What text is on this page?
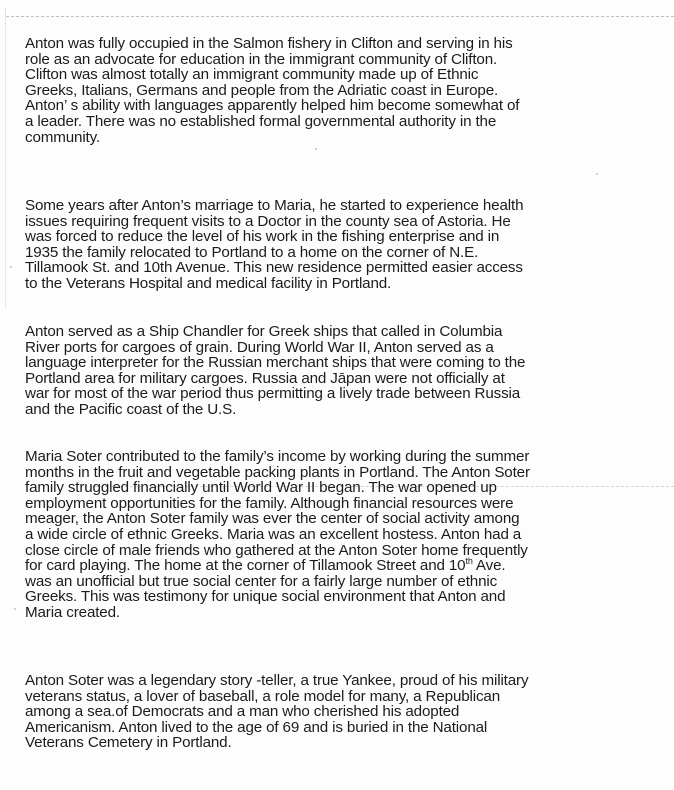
Anton was fully occupied in the Salmon fishery in Clifton and serving in his
role as an advocate for education in the immigrant community of Clifton.
Clifton was almost totally an immigrant community made up of Ethnic
Greeks, Italians, Germans and people from the Adriatic coast in Europe.
Anton’ s ability with languages apparently helped him become somewhat of
a leader. There was no established formal governmental authority in the
community.

Some years after Anton’s marriage to Maria, he started to experience health
issues requiring frequent visits to a Doctor in the county sea of Astoria. He
was forced to reduce the level of his work in the fishing enterprise and in
1935 the family relocated to Portland to a home on the corner of N.E.
Tillamook St. and 10th Avenue. This new residence permitted easier access
to the Veterans Hospital and medical facility in Portland.

Anton served as a Ship Chandler for Greek ships that called in Columbia
River ports for cargoes of grain. During World War II, Anton served as a
language interpreter for the Russian merchant ships that were coming to the
Portland area for military cargoes. Russia and Jāpan were not officially at
war for most of the war period thus permitting a lively trade between Russia
and the Pacific coast of the U.S.

Maria Soter contributed to the family’s income by working during the summer
months in the fruit and vegetable packing plants in Portland. The Anton Soter
family struggled financially until World War II began. The war opened up
employment opportunities for the family. Although financial resources were
meager, the Anton Soter family was ever the center of social activity among
a wide circle of ethnic Greeks. Maria was an excellent hostess. Anton had a
close circle of male friends who gathered at the Anton Soter home frequently
for card playing. The home at the corner of Tillamook Street and 10th Ave.
was an unofficial but true social center for a fairly large number of ethnic
Greeks. This was testimony for unique social environment that Anton and
Maria created.

Anton Soter was a legendary story -teller, a true Yankee, proud of his military
veterans status, a lover of baseball, a role model for many, a Republican
among a sea.of Democrats and a man who cherished his adopted
Americanism. Anton lived to the age of 69 and is buried in the National
Veterans Cemetery in Portland.
